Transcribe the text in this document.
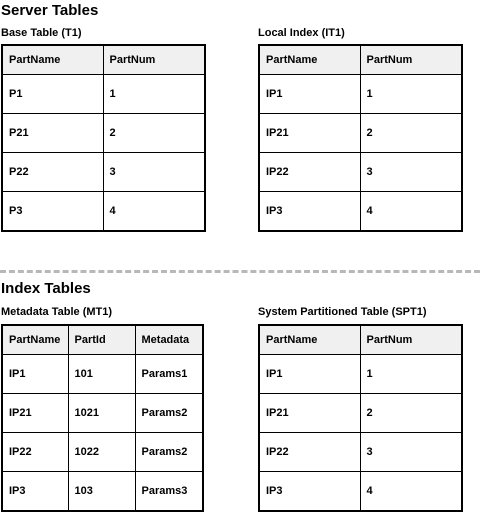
Server Tables
Base Table (T1)
PartName	PartNum
P1	1
P21	2
P22	3
P3	4
Local Index (IT1)
PartName	PartNum
IP1	1
IP21	2
IP22	3
IP3	4
Index Tables
Metadata Table (MT1)
PartName	PartId	Metadata
IP1	101	Params1
IP21	1021	Params2
IP22	1022	Params2
IP3	103	Params3
System Partitioned Table (SPT1)
PartName	PartNum
IP1	1
IP21	2
IP22	3
IP3	4
